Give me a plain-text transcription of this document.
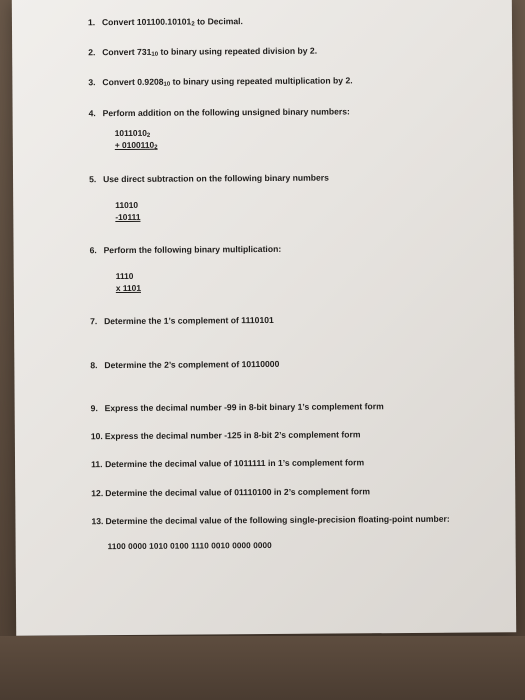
1. Convert 101100.101012 to Decimal.

2. Convert 73110 to binary using repeated division by 2.

3. Convert 0.920810 to binary using repeated multiplication by 2.

4. Perform addition on the following unsigned binary numbers:

10110102
+ 01001102

5. Use direct subtraction on the following binary numbers

11010
-10111

6. Perform the following binary multiplication:

1110
x 1101

7. Determine the 1’s complement of 1110101

8. Determine the 2’s complement of 10110000

9. Express the decimal number -99 in 8-bit binary 1’s complement form

10. Express the decimal number -125 in 8-bit 2’s complement form

11. Determine the decimal value of 1011111 in 1’s complement form

12. Determine the decimal value of 01110100 in 2’s complement form

13. Determine the decimal value of the following single-precision floating-point number:

1100 0000 1010 0100 1110 0010 0000 0000
